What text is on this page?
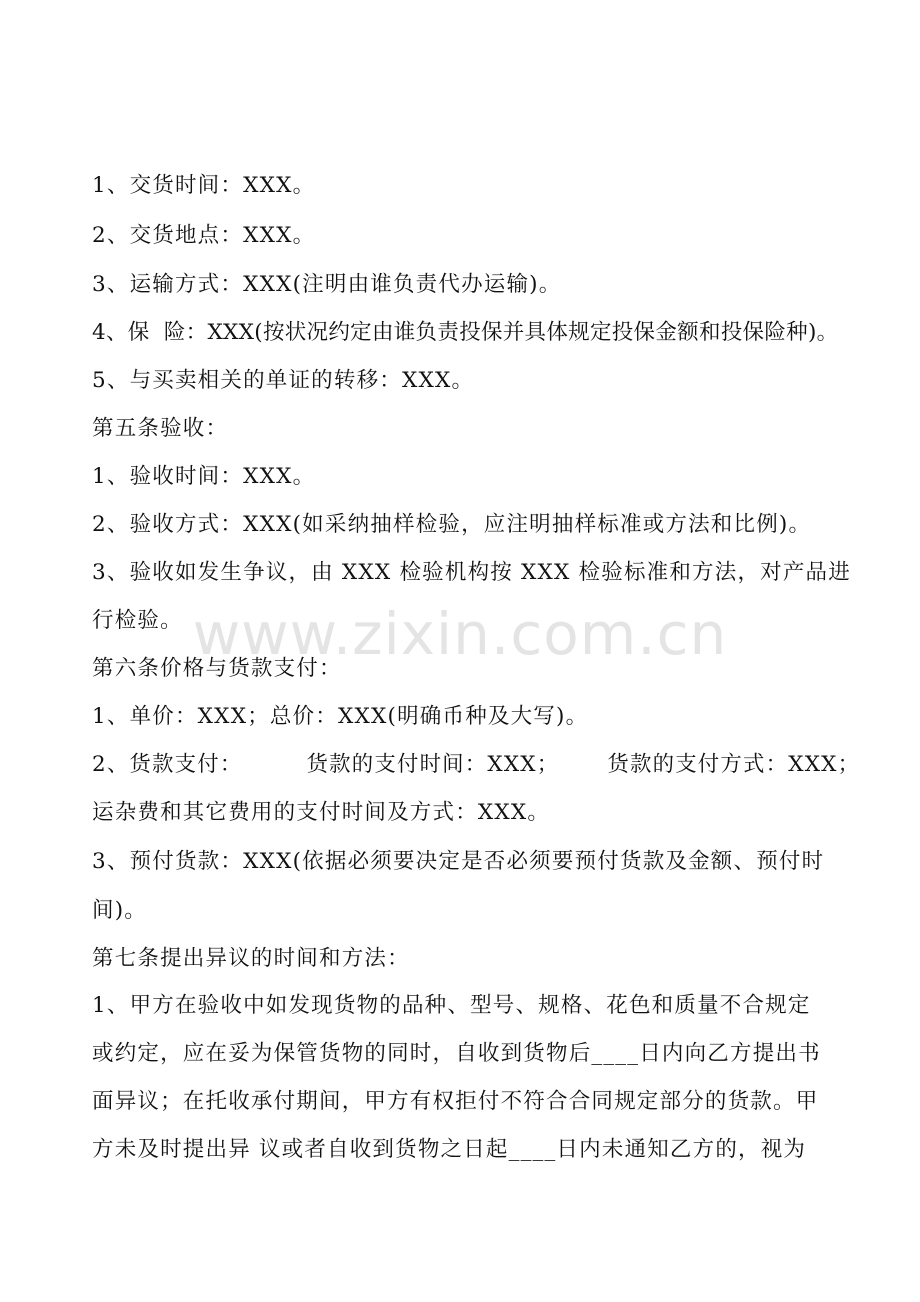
www.zixin.com.cn
1、交货时间：XXX。
2、交货地点：XXX。
3、运输方式：XXX(注明由谁负责代办运输)。
4、保  险：XXX(按状况约定由谁负责投保并具体规定投保金额和投保险种)。
5、与买卖相关的单证的转移：XXX。
第五条验收：
1、验收时间：XXX。
2、验收方式：XXX(如采纳抽样检验，应注明抽样标准或方法和比例)。
3、验收如发生争议，由 XXX 检验机构按 XXX 检验标准和方法，对产品进
行检验。
第六条价格与货款支付：
1、单价：XXX；总价：XXX(明确币种及大写)。
2、货款支付：        货款的支付时间：XXX；      货款的支付方式：XXX；
运杂费和其它费用的支付时间及方式：XXX。
3、预付货款：XXX(依据必须要决定是否必须要预付货款及金额、预付时
间)。
第七条提出异议的时间和方法：
1、甲方在验收中如发现货物的品种、型号、规格、花色和质量不合规定
或约定，应在妥为保管货物的同时，自收到货物后____日内向乙方提出书
面异议；在托收承付期间，甲方有权拒付不符合合同规定部分的货款。甲
方未及时提出异 议或者自收到货物之日起____日内未通知乙方的，视为
